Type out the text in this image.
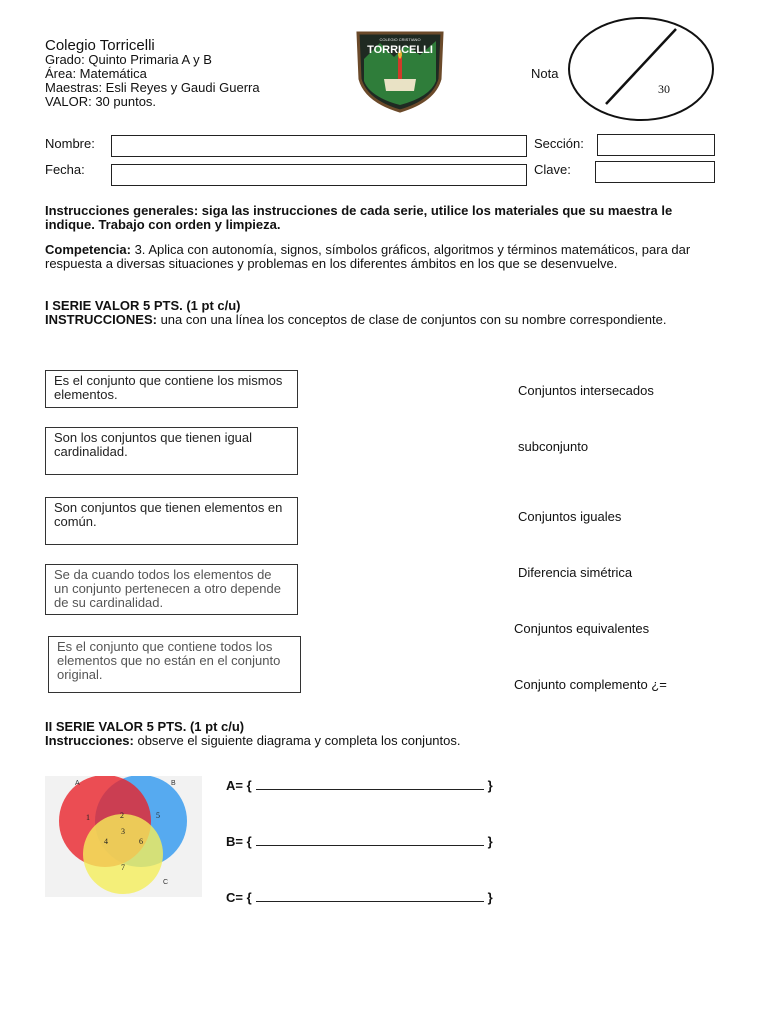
Colegio Torricelli
Grado: Quinto Primaria A y B
Área: Matemática
Maestras: Esli Reyes y Gaudi Guerra
VALOR: 30 puntos.
COLEGIO CRISTIANO
TORRICELLI
Nota
30
Nombre:
Fecha:
Sección:
Clave:
Instrucciones generales: siga las instrucciones de cada serie, utilice los materiales que su maestra le indique. Trabajo con orden y limpieza.
Competencia: 3. Aplica con autonomía, signos, símbolos gráficos, algoritmos y términos matemáticos, para dar respuesta a diversas situaciones y problemas en los diferentes ámbitos en los que se desenvuelve.
I SERIE VALOR 5 PTS. (1 pt c/u)
INSTRUCCIONES: una con una línea los conceptos de clase de conjuntos con su nombre correspondiente.
Es el conjunto que contiene los mismos elementos.
Son los conjuntos que tienen igual cardinalidad.
Son conjuntos que tienen elementos en común.
Se da cuando todos los elementos de un conjunto pertenecen a otro depende de su cardinalidad.
Es el conjunto que contiene todos los elementos que no están en el conjunto original.
Conjuntos intersecados
subconjunto
Conjuntos iguales
Diferencia simétrica
Conjuntos equivalentes
Conjunto complemento ¿=
II SERIE VALOR 5 PTS. (1 pt c/u)
Instrucciones: observe el siguiente diagrama y completa los conjuntos.
A	B
C
1	2	5
3
4	6
7
A= {	}
B= {	}
C= {	}
